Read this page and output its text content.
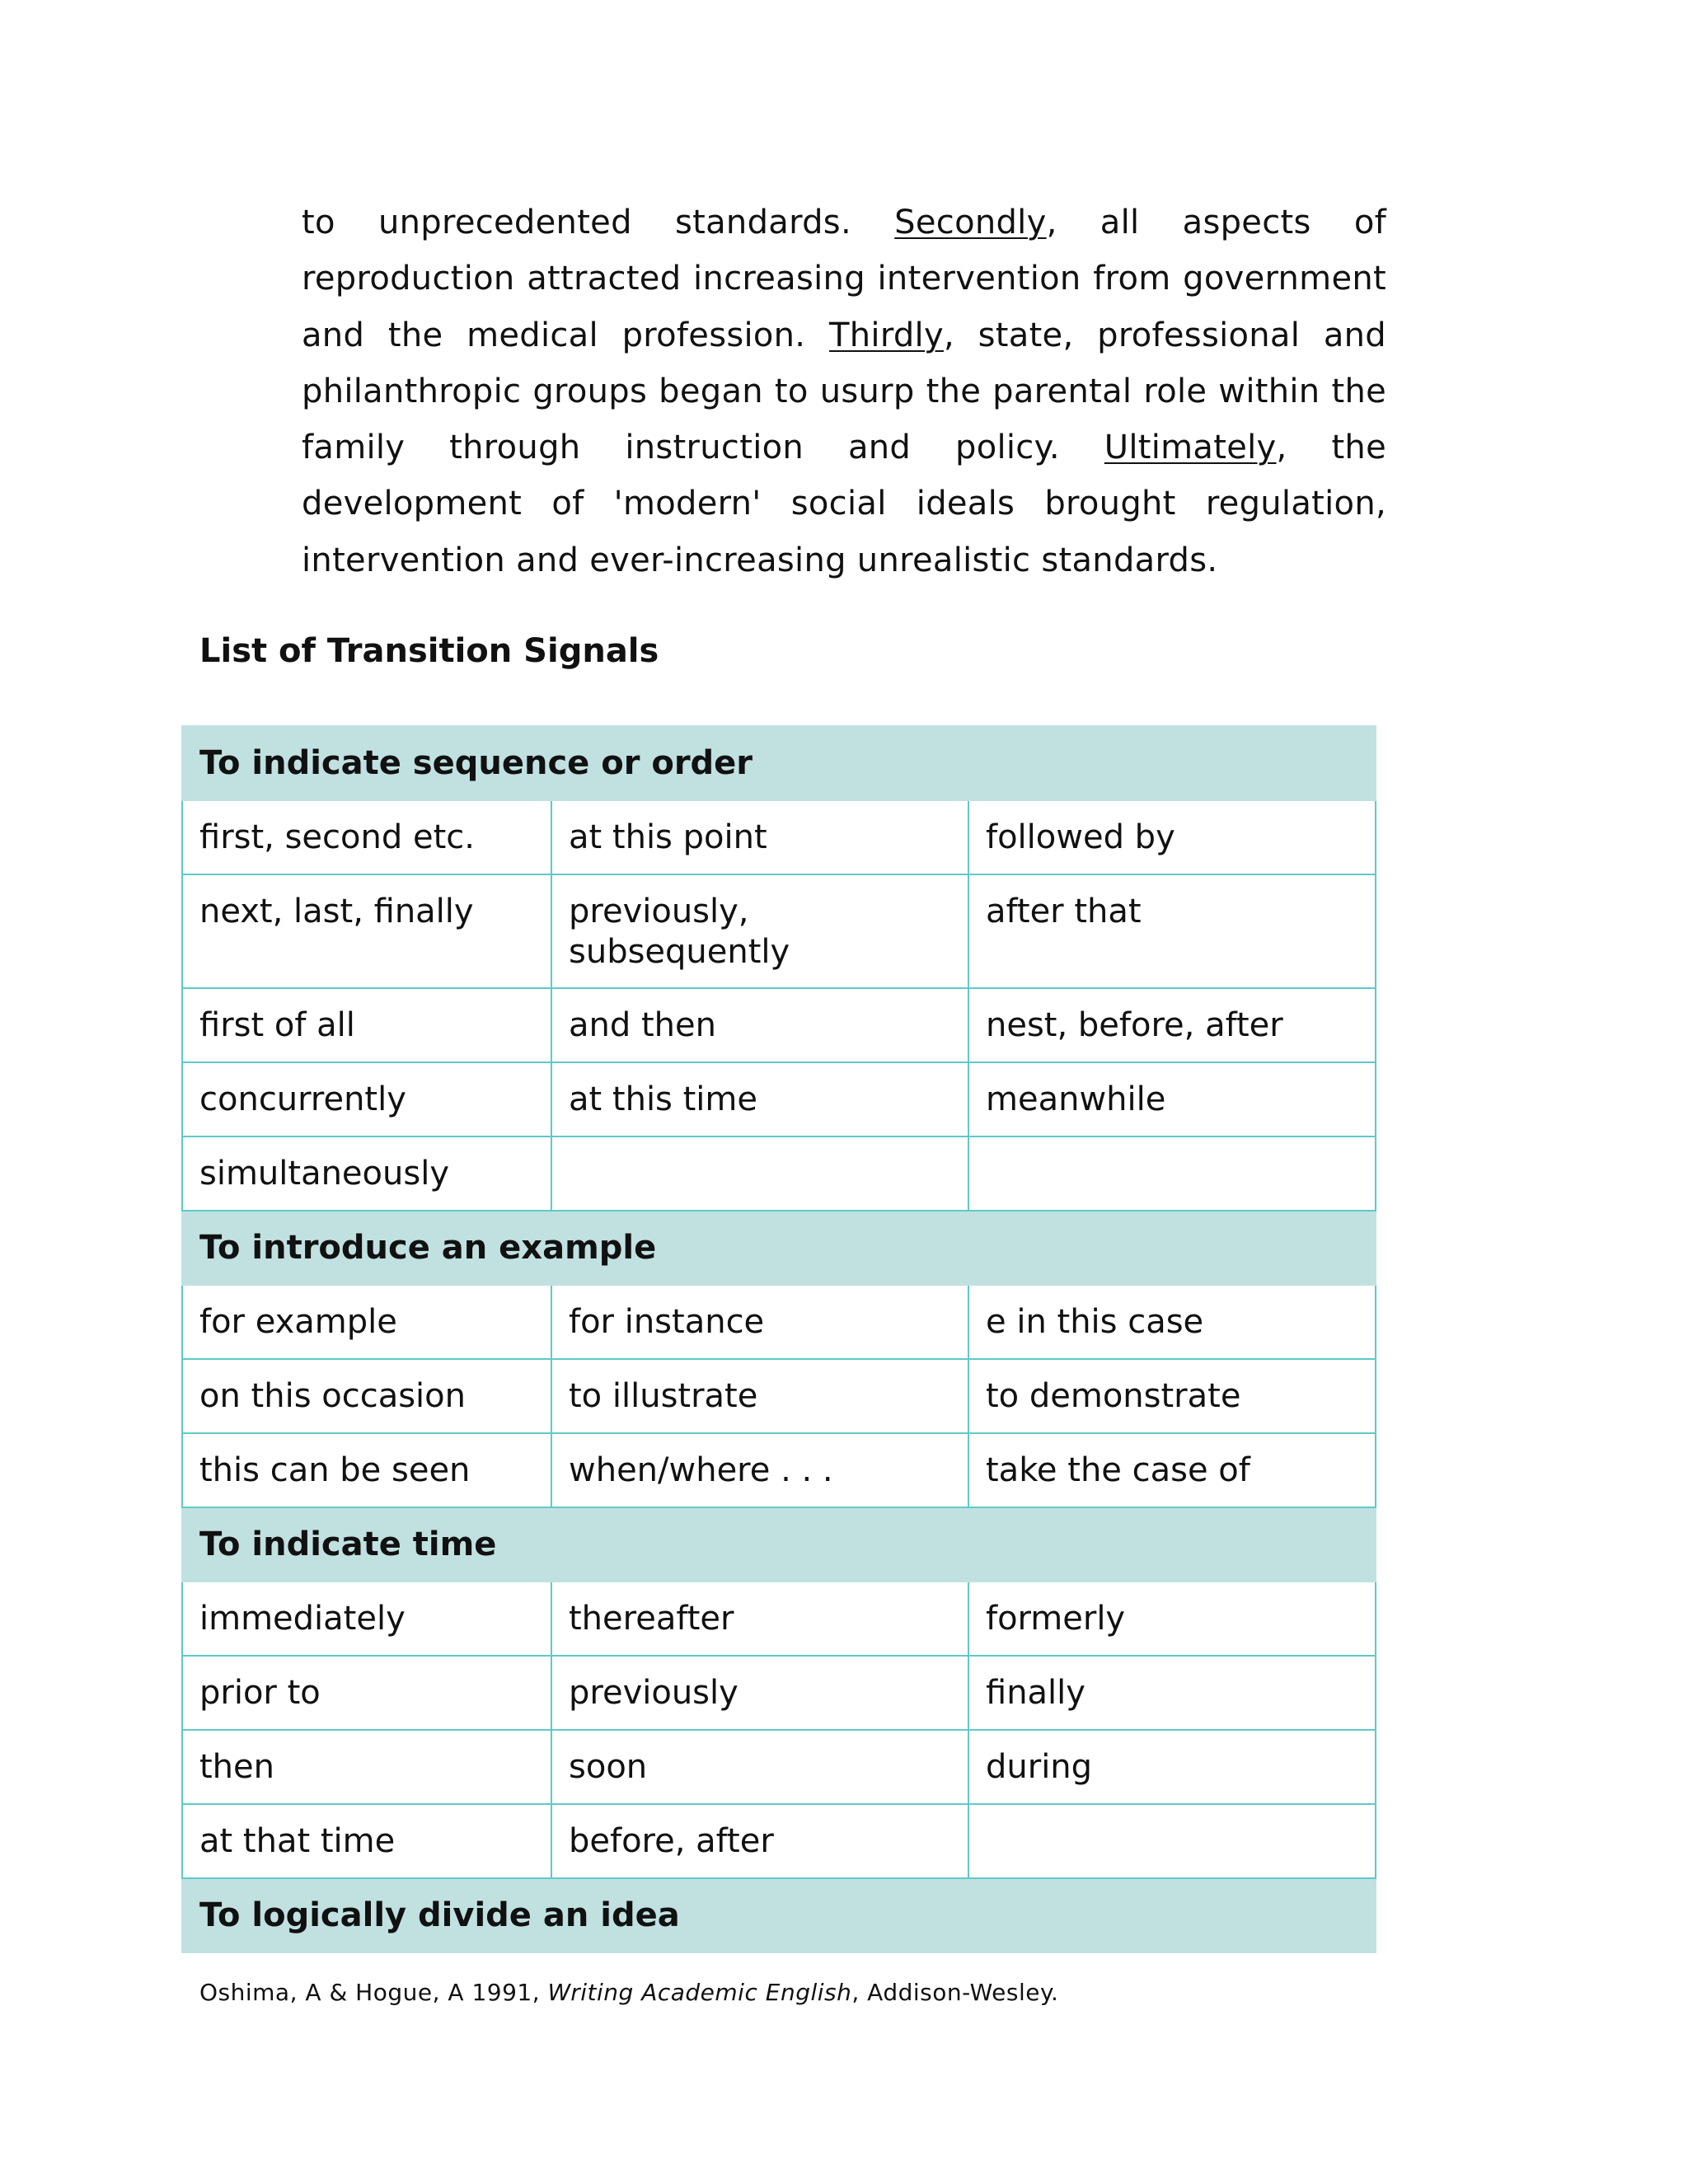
to unprecedented standards. Secondly, all aspects of reproduction attracted increasing intervention from government and the medical profession. Thirdly, state, professional and philanthropic groups began to usurp the parental role within the family through instruction and policy. Ultimately, the development of 'modern' social ideals brought regulation, intervention and ever-increasing unrealistic standards.

List of Transition Signals
To indicate sequence or order		
first, second etc.	at this point	followed by
next, last, finally	previously, subsequently	after that
first of all	and then	nest, before, after
concurrently	at this time	meanwhile
simultaneously		
To introduce an example		
for example	for instance	e in this case
on this occasion	to illustrate	to demonstrate
this can be seen	when/where . . .	take the case of
To indicate time		
immediately	thereafter	formerly
prior to	previously	finally
then	soon	during
at that time	before, after	
To logically divide an idea		

Oshima, A & Hogue, A 1991, Writing Academic English, Addison-Wesley.
